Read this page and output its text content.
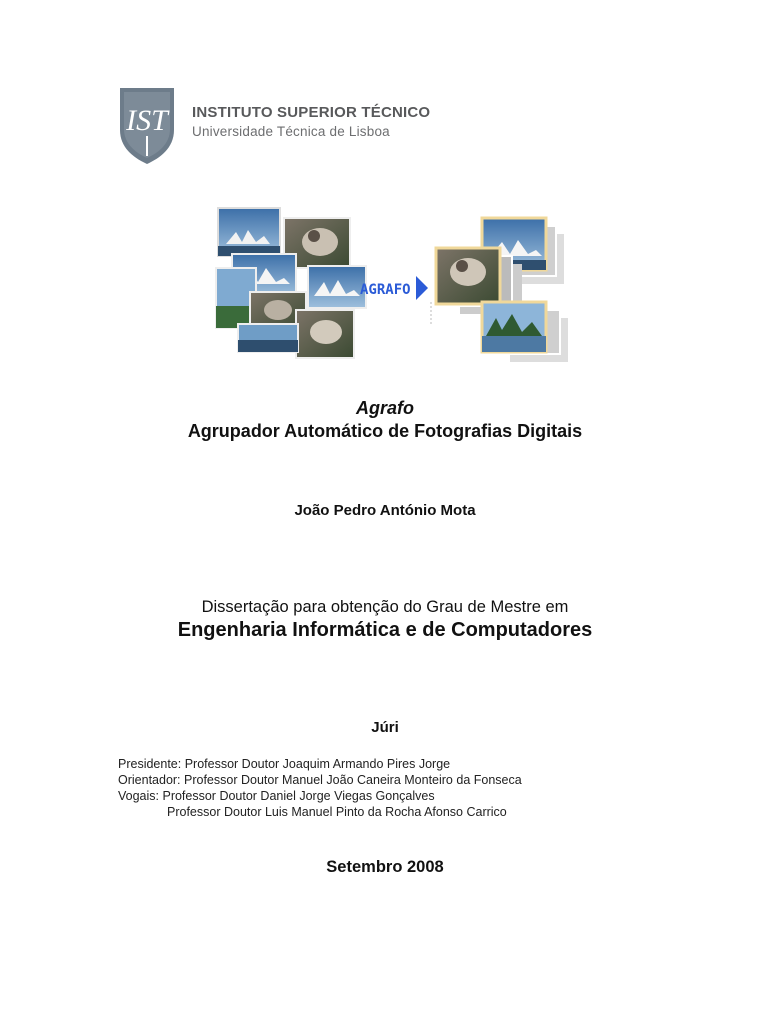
IST INSTITUTO SUPERIOR TÉCNICO
Universidade Técnica de Lisboa
AGRAFO
Agrafo
Agrupador Automático de Fotografias Digitais
João Pedro António Mota
Dissertação para obtenção do Grau de Mestre em
Engenharia Informática e de Computadores
Júri
Presidente: Professor Doutor Joaquim Armando Pires Jorge
Orientador: Professor Doutor Manuel João Caneira Monteiro da Fonseca
Vogais: Professor Doutor Daniel Jorge Viegas Gonçalves
Professor Doutor Luis Manuel Pinto da Rocha Afonso Carrico
Setembro 2008
